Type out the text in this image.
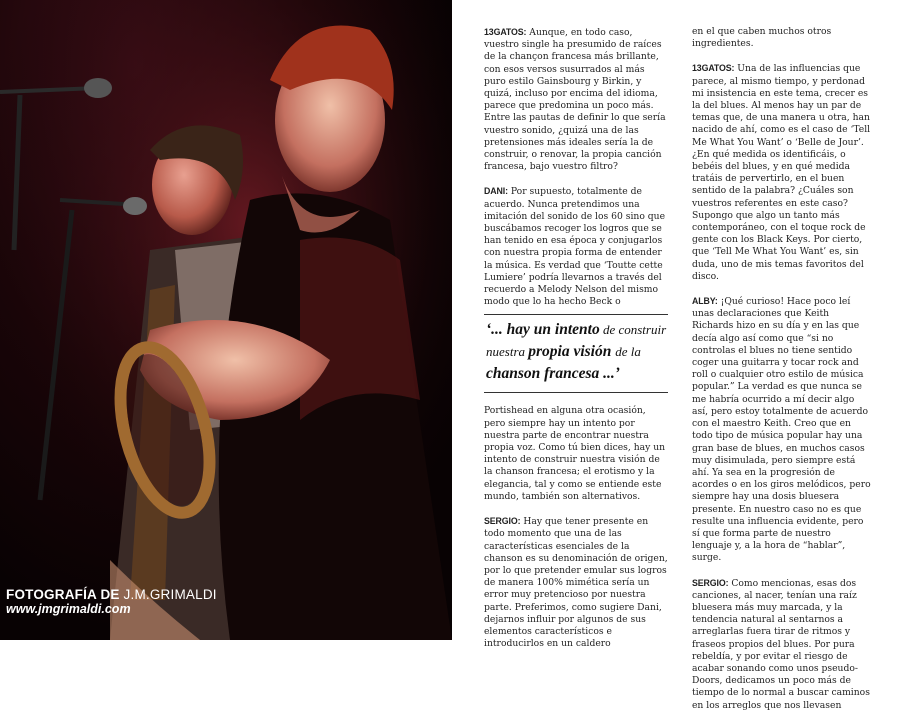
FOTOGRAFÍA DE J.M.GRIMALDI
www.jmgrimaldi.com

13GATOS: Aunque, en todo caso, vuestro single ha presumido de raíces de la chançon francesa más brillante, con esos versos susurrados al más puro estilo Gainsbourg y Birkin, y quizá, incluso por encima del idioma, parece que predomina un poco más. Entre las pautas de definir lo que sería vuestro sonido, ¿quizá una de las pretensiones más ideales sería la de construir, o renovar, la propia canción francesa, bajo vuestro filtro?

DANI: Por supuesto, totalmente de acuerdo. Nunca pretendimos una imitación del sonido de los 60 sino que buscábamos recoger los logros que se han tenido en esa época y conjugarlos con nuestra propia forma de entender la música. Es verdad que ‘Toutte cette Lumiere’ podría llevarnos a través del recuerdo a Melody Nelson del mismo modo que lo ha hecho Beck o

‘... hay un intento de construir nuestra propia visión de la chanson francesa ...’

Portishead en alguna otra ocasión, pero siempre hay un intento por nuestra parte de encontrar nuestra propia voz. Como tú bien dices, hay un intento de construir nuestra visión de la chanson francesa; el erotismo y la elegancia, tal y como se entiende este mundo, también son alternativos.

SERGIO: Hay que tener presente en todo momento que una de las características esenciales de la chanson es su denominación de origen, por lo que pretender emular sus logros de manera 100% mimética sería un error muy pretencioso por nuestra parte. Preferimos, como sugiere Dani, dejarnos influir por algunos de sus elementos característicos e introducirlos en un caldero

en el que caben muchos otros ingredientes.

13GATOS: Una de las influencias que parece, al mismo tiempo, y perdonad mi insistencia en este tema, crecer es la del blues. Al menos hay un par de temas que, de una manera u otra, han nacido de ahí, como es el caso de ‘Tell Me What You Want’ o ‘Belle de Jour’. ¿En qué medida os identificáis, o bebéis del blues, y en qué medida tratáis de pervertirlo, en el buen sentido de la palabra? ¿Cuáles son vuestros referentes en este caso? Supongo que algo un tanto más contemporáneo, con el toque rock de gente con los Black Keys. Por cierto, que ‘Tell Me What You Want’ es, sin duda, uno de mis temas favoritos del disco.

ALBY: ¡Qué curioso! Hace poco leí unas declaraciones que Keith Richards hizo en su día y en las que decía algo así como que “si no controlas el blues no tiene sentido coger una guitarra y tocar rock and roll o cualquier otro estilo de música popular.” La verdad es que nunca se me habría ocurrido a mí decir algo así, pero estoy totalmente de acuerdo con el maestro Keith. Creo que en todo tipo de música popular hay una gran base de blues, en muchos casos muy disimulada, pero siempre está ahí. Ya sea en la progresión de acordes o en los giros melódicos, pero siempre hay una dosis bluesera presente. En nuestro caso no es que resulte una influencia evidente, pero sí que forma parte de nuestro lenguaje y, a la hora de “hablar”, surge.

SERGIO: Como mencionas, esas dos canciones, al nacer, tenían una raíz bluesera más muy marcada, y la tendencia natural al sentarnos a arreglarlas fuera tirar de ritmos y fraseos propios del blues. Por pura rebeldía, y por evitar el riesgo de acabar sonando como unos pseudo-Doors, dedicamos un poco más de tiempo de lo normal a buscar caminos en los arreglos que nos llevasen
